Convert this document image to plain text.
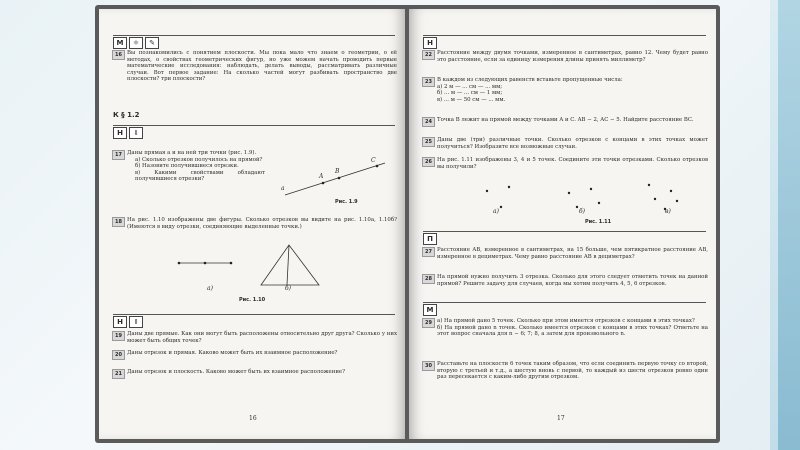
М	⚛	✎
16 Вы познакомились с понятием плоскости. Мы пока мало что знаем о геометрии, о её методах, о свойствах геометрических фигур, но уже можем начать проводить первые математические исследования: наблюдать, делать выводы, рассматривать различные случаи. Вот первое задание: На сколько частей могут разбивать пространство две плоскости? три плоскости?
К § 1.2
Н	⇓
17 Даны прямая a и на ней три точки (рис. 1.9).
а) Сколько отрезков получилось на прямой?
б) Назовите получившиеся отрезки.
в) Какими свойствами обладают получившиеся отрезки?
a
A
B
C
Рис. 1.9
18 На рис. 1.10 изображены две фигуры. Сколько отрезков вы видите на рис. 1.10а, 1.10б? (Имеются в виду отрезки, соединяющие выделенные точки.)
а)	б)
Рис. 1.10
Н	⇑
19 Даны две прямые. Как они могут быть расположены относительно друг друга? Сколько у них может быть общих точек?
20 Даны отрезок и прямая. Каково может быть их взаимное расположение?
21 Даны отрезок и плоскость. Каково может быть их взаимное расположение?
16
Н
22 Расстояние между двумя точками, измеренное в сантиметрах, равно 12. Чему будет равно это расстояние, если за единицу измерения длины принять миллиметр?
23 В каждом из следующих равенств вставьте пропущенные числа:
а) 2 м — ... см — ... мм;
б) ... м — ... см — 1 мм;
в) ... м — 50 см — ... мм.
24 Точка B лежит на прямой между точками A и C. AB − 2, AC − 5. Найдите расстояние BC.
25 Даны две (три) различные точки. Сколько отрезков с концами в этих точках может получиться? Изобразите все возможные случаи.
26 На рис. 1.11 изображены 3, 4 и 5 точек. Соедините эти точки отрезками. Сколько отрезков вы получили?
а)	б)	в)
Рис. 1.11
П
27 Расстояние AB, измеренное в сантиметрах, на 15 больше, чем пятикратное расстояние AB, измеренное в дециметрах. Чему равно расстояние AB в дециметрах?
28 На прямой нужно получить 3 отрезка. Сколько для этого следует отметить точек на данной прямой? Решите задачу для случаев, когда мы хотим получить 4, 5, 6 отрезков.
М
29 а) На прямой дано 5 точек. Сколько при этом имеется отрезков с концами в этих точках?
б) На прямой дано n точек. Сколько имеется отрезков с концами в этих точках? Ответьте на этот вопрос сначала для n − 6; 7; 8, а затем для произвольного n.
30 Расставьте на плоскости 6 точек таким образом, что если соединить первую точку со второй, вторую с третьей и т.д., а шестую вновь с первой, то каждый из шести отрезков ровно один раз пересекается с каким-либо другим отрезком.
17
